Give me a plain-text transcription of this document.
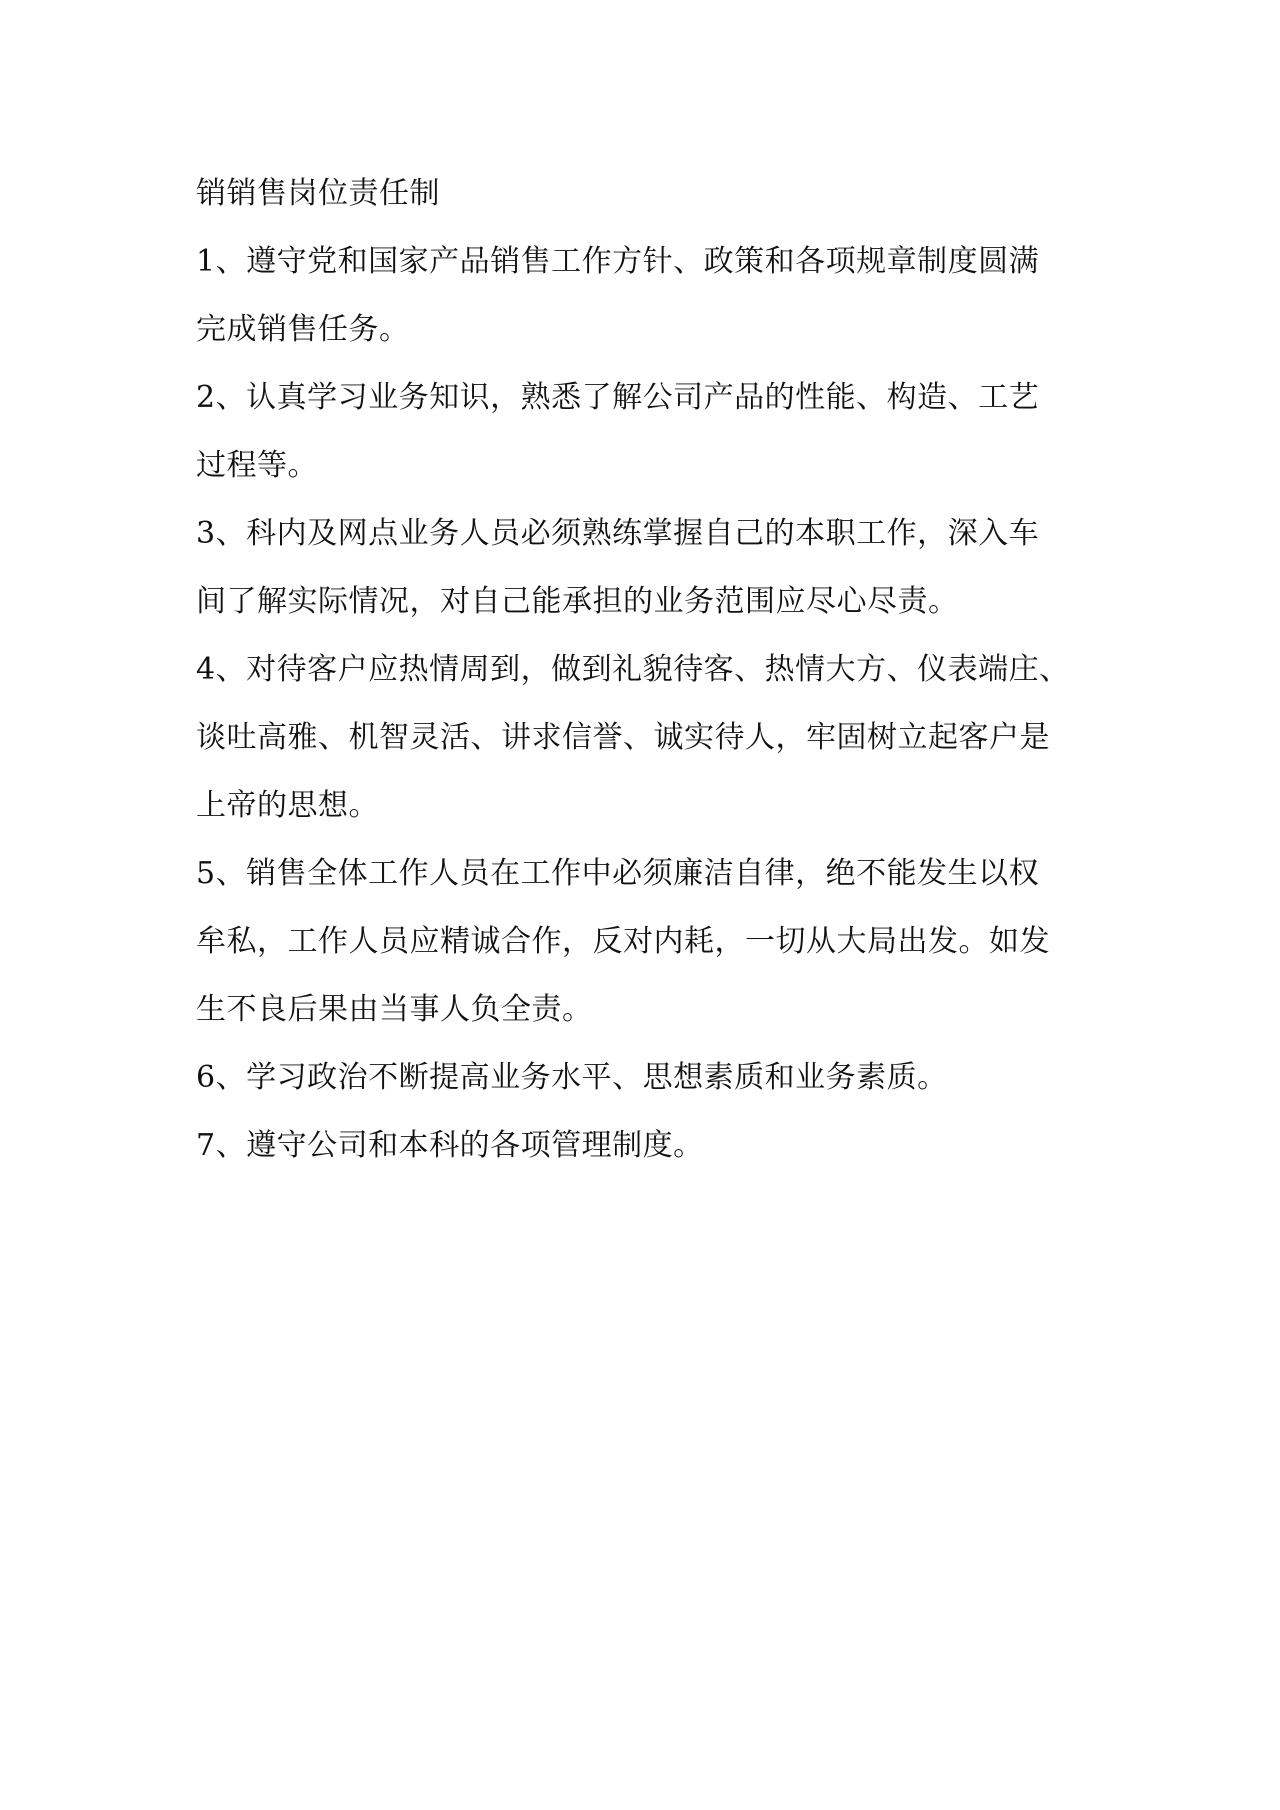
销销售岗位责任制

1、遵守党和国家产品销售工作方针、政策和各项规章制度圆满

完成销售任务。

2、认真学习业务知识，熟悉了解公司产品的性能、构造、工艺

过程等。

3、科内及网点业务人员必须熟练掌握自己的本职工作，深入车

间了解实际情况，对自己能承担的业务范围应尽心尽责。

4、对待客户应热情周到，做到礼貌待客、热情大方、仪表端庄、

谈吐高雅、机智灵活、讲求信誉、诚实待人，牢固树立起客户是

上帝的思想。

5、销售全体工作人员在工作中必须廉洁自律，绝不能发生以权

牟私，工作人员应精诚合作，反对内耗，一切从大局出发。如发

生不良后果由当事人负全责。

6、学习政治不断提高业务水平、思想素质和业务素质。

7、遵守公司和本科的各项管理制度。
